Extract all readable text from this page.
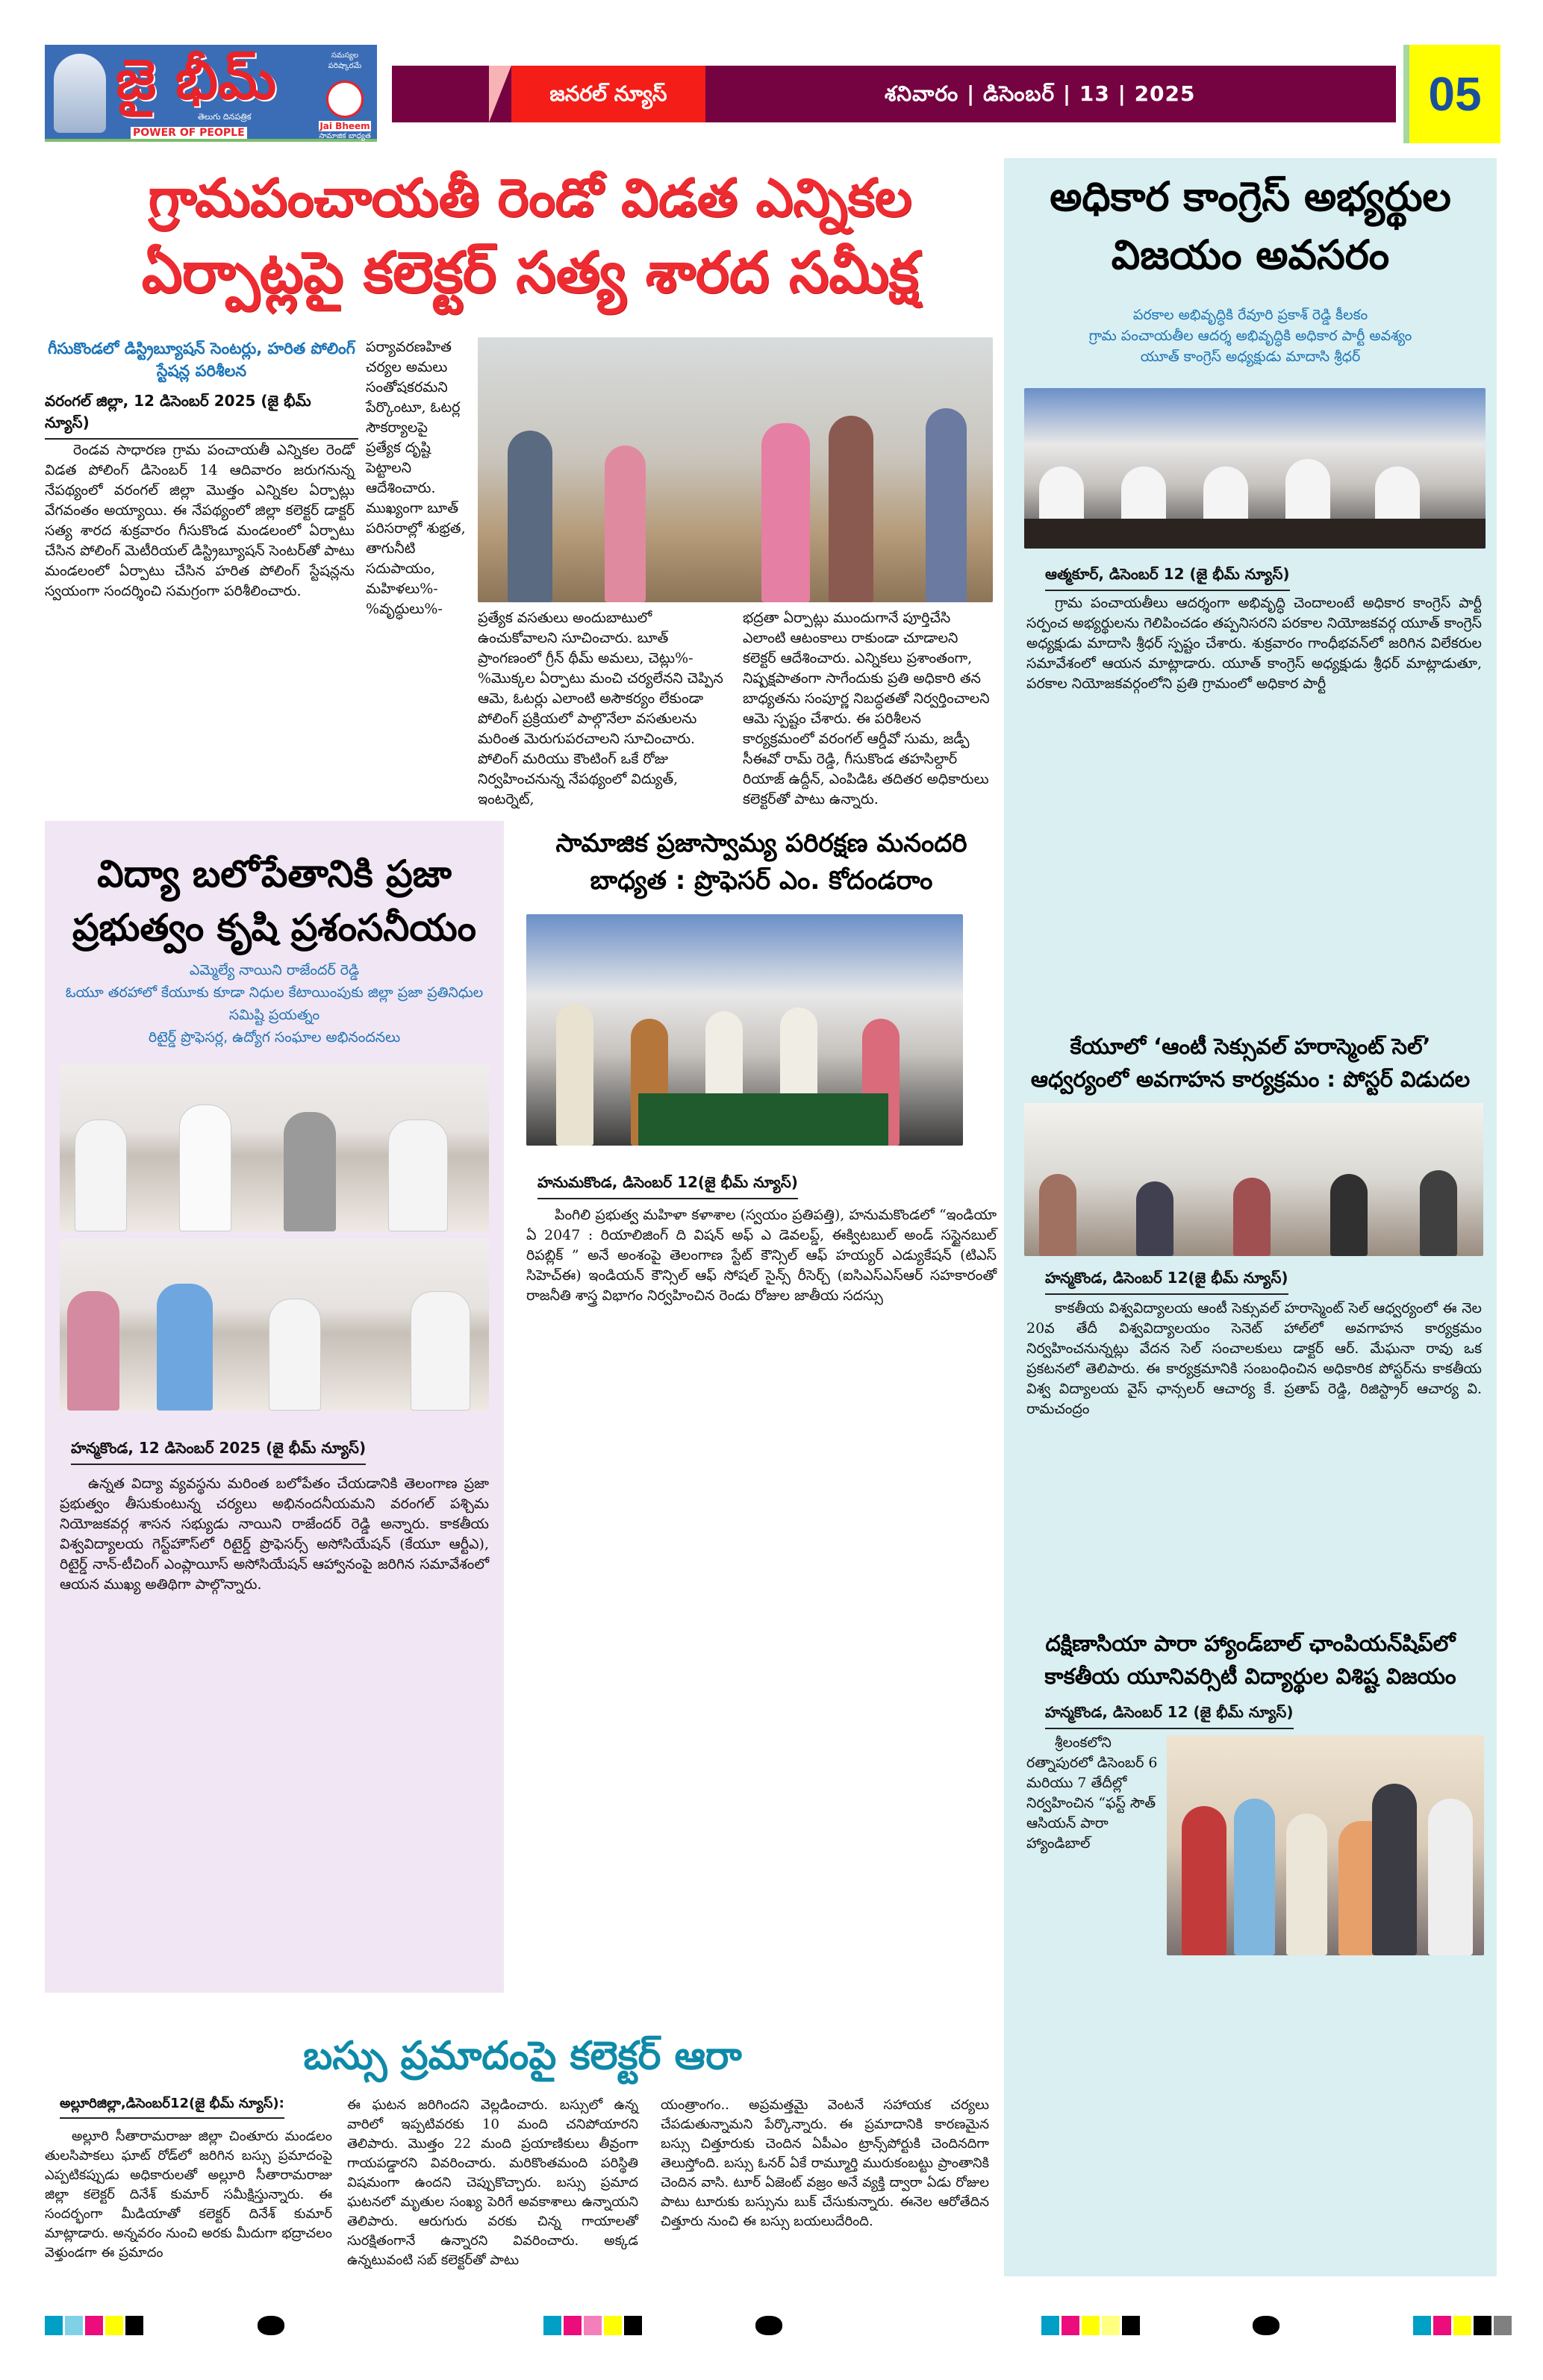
జై భీమ్
తెలుగు దినపత్రిక
POWER OF PEOPLE
సమస్యల పరిష్కారమే
Jai Bheem
సామాజిక బాధ్యత
జనరల్ న్యూస్	శనివారం | డిసెంబర్ | 13 | 2025	05
గ్రామపంచాయతీ రెండో విడత ఎన్నికల
ఏర్పాట్లపై కలెక్టర్ సత్య శారద సమీక్ష
గీసుకొండలో డిస్ట్రిబ్యూషన్ సెంటర్లు, హరిత పోలింగ్ స్టేషన్ల పరిశీలన
వరంగల్ జిల్లా, 12 డిసెంబర్ 2025 (జై భీమ్ న్యూస్)

రెండవ సాధారణ గ్రామ పంచాయతీ ఎన్నికల రెండో విడత పోలింగ్ డిసెంబర్ 14 ఆదివారం జరుగనున్న నేపథ్యంలో వరంగల్ జిల్లా మొత్తం ఎన్నికల ఏర్పాట్లు వేగవంతం అయ్యాయి. ఈ నేపథ్యంలో జిల్లా కలెక్టర్ డాక్టర్ సత్య శారద శుక్రవారం గీసుకొండ మండలంలో ఏర్పాటు చేసిన పోలింగ్ మెటీరియల్ డిస్ట్రిబ్యూషన్ సెంటర్‌తో పాటు మండలంలో ఏర్పాటు చేసిన హరిత పోలింగ్ స్టేషన్లను స్వయంగా సందర్శించి సమగ్రంగా పరిశీలించారు.

పర్యావరణహిత చర్యల అమలు సంతోషకరమని పేర్కొంటూ, ఓటర్ల సౌకర్యాలపై ప్రత్యేక దృష్టి పెట్టాలని ఆదేశించారు. ముఖ్యంగా బూత్ పరిసరాల్లో శుభ్రత, తాగునీటి సదుపాయం, మహిళలు%-%వృద్ధులు%-

ప్రత్యేక వసతులు అందుబాటులో ఉంచుకోవాలని సూచించారు. బూత్ ప్రాంగణంలో గ్రీన్ థీమ్ అమలు, చెట్లు%-%మొక్కల ఏర్పాటు మంచి చర్యలేనని చెప్పిన ఆమె, ఓటర్లు ఎలాంటి అసౌకర్యం లేకుండా పోలింగ్ ప్రక్రియలో పాల్గొనేలా వసతులను మరింత మెరుగుపరచాలని సూచించారు. పోలింగ్ మరియు కౌంటింగ్ ఒకే రోజు నిర్వహించనున్న నేపథ్యంలో విద్యుత్, ఇంటర్నెట్,

భద్రతా ఏర్పాట్లు ముందుగానే పూర్తిచేసి ఎలాంటి ఆటంకాలు రాకుండా చూడాలని కలెక్టర్ ఆదేశించారు. ఎన్నికలు ప్రశాంతంగా, నిష్పక్షపాతంగా సాగేందుకు ప్రతి అధికారి తన బాధ్యతను సంపూర్ణ నిబద్ధతతో నిర్వర్తించాలని ఆమె స్పష్టం చేశారు. ఈ పరిశీలన కార్యక్రమంలో వరంగల్ ఆర్డీవో సుమ, జడ్పీ సీఈవో రామ్ రెడ్డి, గీసుకొండ తహసిల్దార్ రియాజ్ ఉద్దీన్, ఎంపిడిఓ తదితర అధికారులు కలెక్టర్‌తో పాటు ఉన్నారు.

విద్యా బలోపేతానికి ప్రజా ప్రభుత్వం కృషి ప్రశంసనీయం
ఎమ్మెల్యే నాయిని రాజేందర్ రెడ్డి
ఓయూ తరహాలో కేయూకు కూడా నిధుల కేటాయింపుకు జిల్లా ప్రజా ప్రతినిధుల సమిష్టి ప్రయత్నం
రిటైర్డ్ ప్రొఫెసర్ల, ఉద్యోగ సంఘాల అభినందనలు
హన్మకొండ, 12 డిసెంబర్ 2025 (జై భీమ్ న్యూస్)

ఉన్నత విద్యా వ్యవస్థను మరింత బలోపేతం చేయడానికి తెలంగాణ ప్రజా ప్రభుత్వం తీసుకుంటున్న చర్యలు అభినందనీయమని వరంగల్ పశ్చిమ నియోజకవర్గ శాసన సభ్యుడు నాయిని రాజేందర్ రెడ్డి అన్నారు. కాకతీయ విశ్వవిద్యాలయ గెస్ట్‌హౌస్‌లో రిటైర్డ్ ప్రొఫెసర్స్ అసోసియేషన్ (కేయూ ఆర్టీఎ), రిటైర్డ్ నాన్-టీచింగ్ ఎంప్లాయీస్ అసోసియేషన్ ఆహ్వానంపై జరిగిన సమావేశంలో ఆయన ముఖ్య అతిథిగా పాల్గొన్నారు.

సామాజిక ప్రజాస్వామ్య పరిరక్షణ మనందరి బాధ్యత : ప్రొఫెసర్ ఎం. కోదండరాం
హనుమకొండ, డిసెంబర్ 12(జై భీమ్ న్యూస్)

పింగిలి ప్రభుత్వ మహిళా కళాశాల (స్వయం ప్రతిపత్తి), హనుమకొండలో “ఇండియా ఏ 2047 : రియాలిజింగ్ ది విషన్ అఫ్ ఎ డెవలప్డ్, ఈక్విటబుల్ అండ్ సస్టైనబుల్ రిపబ్లిక్ ” అనే అంశంపై తెలంగాణ స్టేట్ కౌన్సిల్ ఆఫ్ హయ్యర్ ఎడ్యుకేషన్ (టిఎస్ సిహెచ్ఈ) ఇండియన్ కౌన్సిల్ ఆఫ్ సోషల్ సైన్స్ రీసెర్చ్ (ఐసిఎస్ఎస్ఆర్ సహకారంతో రాజనీతి శాస్త్ర విభాగం నిర్వహించిన రెండు రోజుల జాతీయ సదస్సు

అధికార కాంగ్రెస్ అభ్యర్థుల విజయం అవసరం
పరకాల అభివృద్ధికి రేవూరి ప్రకాశ్ రెడ్డి కీలకం
గ్రామ పంచాయతీల ఆదర్శ అభివృద్ధికి అధికార పార్టీ అవశ్యం
యూత్ కాంగ్రెస్ అధ్యక్షుడు మాదాసి శ్రీధర్
ఆత్మకూర్, డిసెంబర్ 12 (జై భీమ్ న్యూస్)

గ్రామ పంచాయతీలు ఆదర్శంగా అభివృద్ధి చెందాలంటే అధికార కాంగ్రెస్ పార్టీ సర్పంచ అభ్యర్థులను గెలిపించడం తప్పనిసరని పరకాల నియోజకవర్గ యూత్ కాంగ్రెస్ అధ్యక్షుడు మాదాసి శ్రీధర్ స్పష్టం చేశారు. శుక్రవారం గాంధీభవన్‌లో జరిగిన విలేకరుల సమావేశంలో ఆయన మాట్లాడారు. యూత్ కాంగ్రెస్ అధ్యక్షుడు శ్రీధర్ మాట్లాడుతూ, పరకాల నియోజకవర్గంలోని ప్రతి గ్రామంలో అధికార పార్టీ

కేయూలో ‘ఆంటీ సెక్సువల్ హరాస్మెంట్ సెల్’
ఆధ్వర్యంలో అవగాహన కార్యక్రమం : పోస్టర్ విడుదల
హన్మకొండ, డిసెంబర్ 12(జై భీమ్ న్యూస్)

కాకతీయ విశ్వవిద్యాలయ ఆంటీ సెక్సువల్ హరాస్మెంట్ సెల్ ఆధ్వర్యంలో ఈ నెల 20వ తేదీ విశ్వవిద్యాలయం సెనెట్ హాల్‌లో అవగాహన కార్యక్రమం నిర్వహించనున్నట్లు వేదన సెల్ సంచాలకులు డాక్టర్ ఆర్. మేఘనా రావు ఒక ప్రకటనలో తెలిపారు. ఈ కార్యక్రమానికి సంబంధించిన అధికారిక పోస్టర్‌ను కాకతీయ విశ్వ విద్యాలయ వైస్ ఛాన్సలర్ ఆచార్య కే. ప్రతాప్ రెడ్డి, రిజిస్ట్రార్ ఆచార్య వి. రామచంద్రం

దక్షిణాసియా పారా హ్యాండ్‌బాల్ ఛాంపియన్‌షిప్‌లో
కాకతీయ యూనివర్సిటీ విద్యార్థుల విశిష్ట విజయం
హన్మకొండ, డిసెంబర్ 12 (జై భీమ్ న్యూస్)

శ్రీలంకలోని రత్నాపురలో డిసెంబర్ 6 మరియు 7 తేదీల్లో నిర్వహించిన “ఫస్ట్ సౌత్ ఆసియన్ పారా హ్యాండిబాల్

బస్సు ప్రమాదంపై కలెక్టర్ ఆరా
అల్లూరిజిల్లా,డిసెంబర్12(జై భీమ్ న్యూస్):

అల్లూరి సీతారామరాజు జిల్లా చింతూరు మండలం తులసిపాకలు ఘాట్ రోడ్‌లో జరిగిన బస్సు ప్రమాదంపై ఎప్పటికప్పుడు అధికారులతో అల్లూరి సీతారామరాజు జిల్లా కలెక్టర్ దినేశ్ కుమార్ సమీక్షిస్తున్నారు. ఈ సందర్భంగా మీడియాతో కలెక్టర్ దినేశ్ కుమార్ మాట్లాడారు. అన్నవరం నుంచి అరకు మీదుగా భద్రాచలం వెళ్తుండగా ఈ ప్రమాదం

ఈ ఘటన జరిగిందని వెల్లడించారు. బస్సులో ఉన్న వారిలో ఇప్పటివరకు 10 మంది చనిపోయారని తెలిపారు. మొత్తం 22 మంది ప్రయాణికులు తీవ్రంగా గాయపడ్డారని వివరించారు. మరికొంతమంది పరిస్థితి విషమంగా ఉందని చెప్పుకొచ్చారు. బస్సు ప్రమాద ఘటనలో మృతుల సంఖ్య పెరిగే అవకాశాలు ఉన్నాయని తెలిపారు. ఆరుగురు వరకు చిన్న గాయాలతో సురక్షితంగానే ఉన్నారని వివరించారు. అక్కడ ఉన్నటువంటి సబ్ కలెక్టర్‌తో పాటు

యంత్రాంగం.. అప్రమత్తమై వెంటనే సహాయక చర్యలు చేపడుతున్నామని పేర్కొన్నారు. ఈ ప్రమాదానికి కారణమైన బస్సు చిత్తూరుకు చెందిన ఏపీఎం ట్రాన్స్‌పోర్టుకి చెందినదిగా తెలుస్తోంది. బస్సు ఓనర్ ఏకే రామ్మూర్తి మురుకంబట్టు ప్రాంతానికి చెందిన వాసి. టూర్ ఏజెంట్ వజ్రం అనే వ్యక్తి ద్వారా ఏడు రోజుల పాటు టూరుకు బస్సును బుక్ చేసుకున్నారు. ఈనెల ఆరోతేదిన చిత్తూరు నుంచి ఈ బస్సు బయలుదేరింది.
